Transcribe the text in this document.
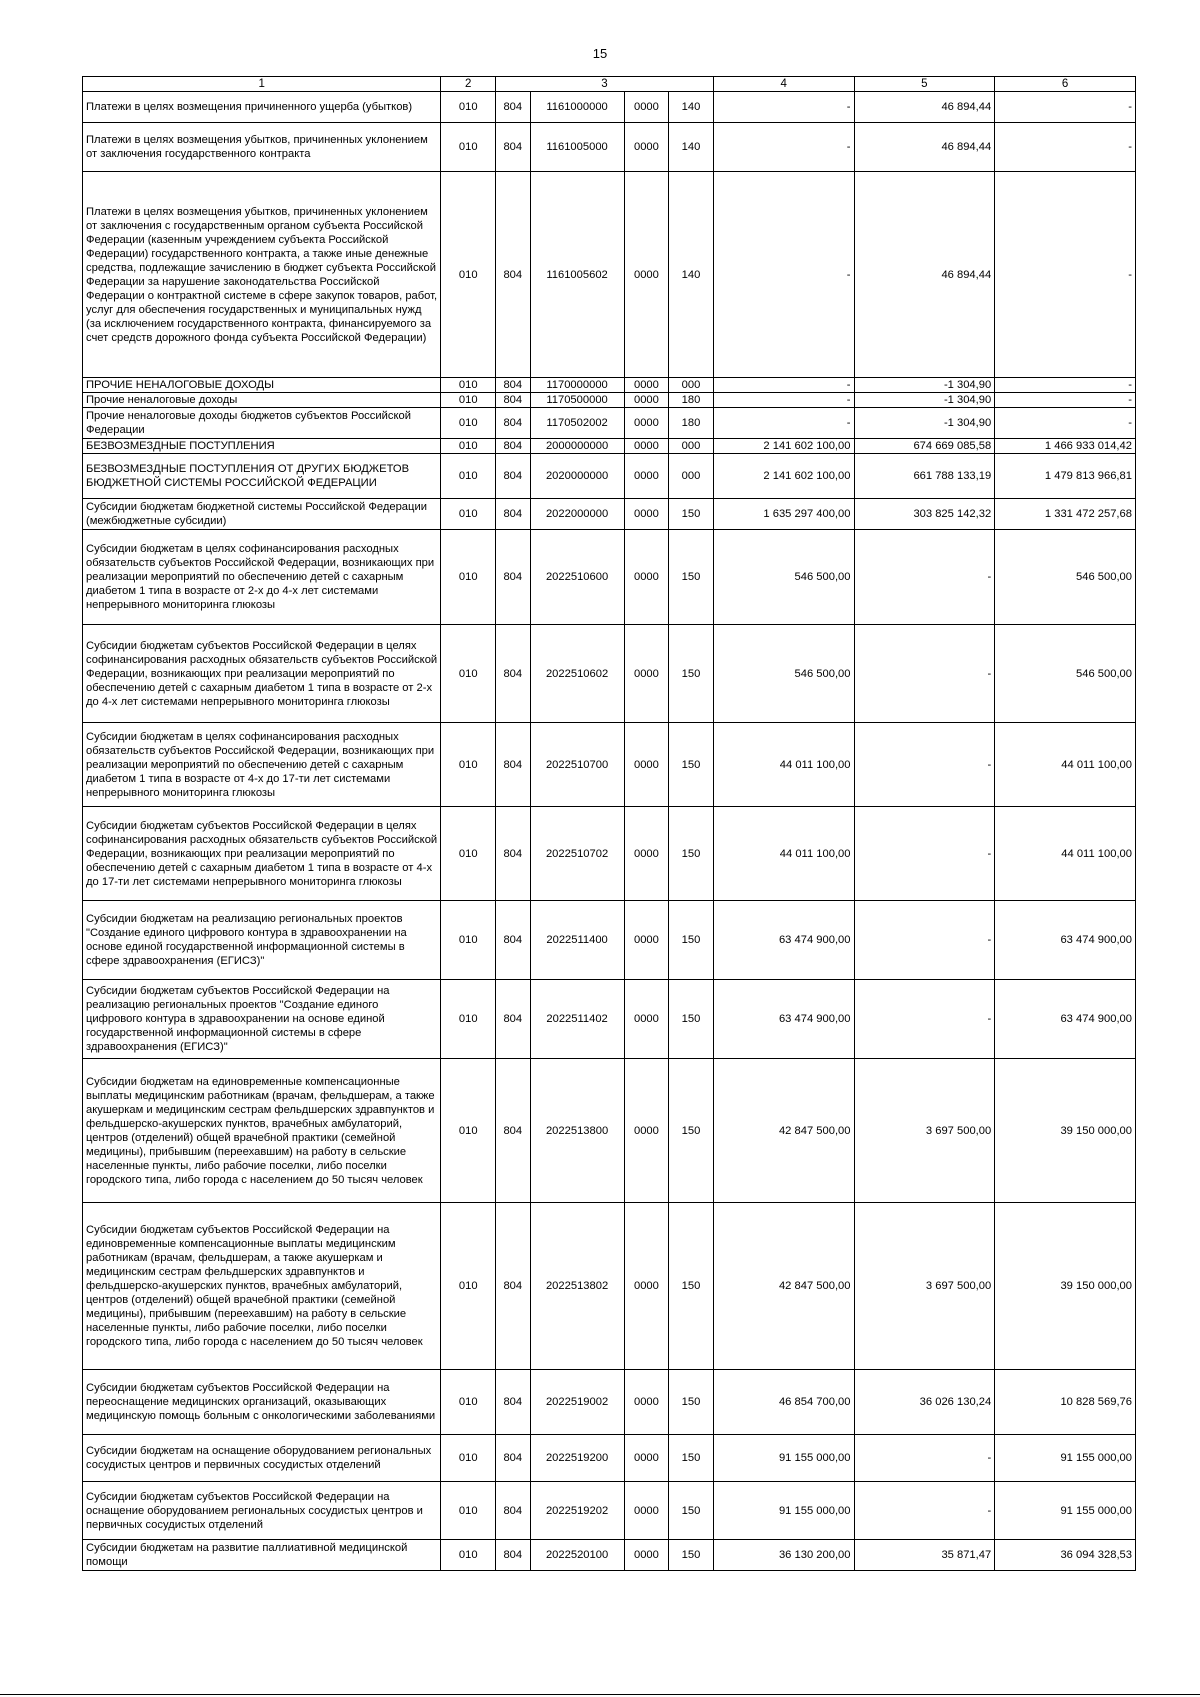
15
1	2	3				4	5	6
Платежи в целях возмещения причиненного ущерба (убытков)	010	804	1161000000	0000	140	-	46 894,44	-
Платежи в целях возмещения убытков, причиненных уклонением от заключения государственного контракта	010	804	1161005000	0000	140	-	46 894,44	-
Платежи в целях возмещения убытков, причиненных уклонением от заключения с государственным органом субъекта Российской Федерации (казенным учреждением субъекта Российской Федерации) государственного контракта, а также иные денежные средства, подлежащие зачислению в бюджет субъекта Российской Федерации за нарушение законодательства Российской Федерации о контрактной системе в сфере закупок товаров, работ, услуг для обеспечения государственных и муниципальных нужд (за исключением государственного контракта, финансируемого за счет средств дорожного фонда субъекта Российской Федерации)	010	804	1161005602	0000	140	-	46 894,44	-
ПРОЧИЕ НЕНАЛОГОВЫЕ ДОХОДЫ	010	804	1170000000	0000	000	-	-1 304,90	-
Прочие неналоговые доходы	010	804	1170500000	0000	180	-	-1 304,90	-
Прочие неналоговые доходы бюджетов субъектов Российской Федерации	010	804	1170502002	0000	180	-	-1 304,90	-
БЕЗВОЗМЕЗДНЫЕ ПОСТУПЛЕНИЯ	010	804	2000000000	0000	000	2 141 602 100,00	674 669 085,58	1 466 933 014,42
БЕЗВОЗМЕЗДНЫЕ ПОСТУПЛЕНИЯ ОТ ДРУГИХ БЮДЖЕТОВ БЮДЖЕТНОЙ СИСТЕМЫ РОССИЙСКОЙ ФЕДЕРАЦИИ	010	804	2020000000	0000	000	2 141 602 100,00	661 788 133,19	1 479 813 966,81
Субсидии бюджетам бюджетной системы Российской Федерации (межбюджетные субсидии)	010	804	2022000000	0000	150	1 635 297 400,00	303 825 142,32	1 331 472 257,68
Субсидии бюджетам в целях софинансирования расходных обязательств субъектов Российской Федерации, возникающих при реализации мероприятий по обеспечению детей с сахарным диабетом 1 типа в возрасте от 2-х до 4-х лет системами непрерывного мониторинга глюкозы	010	804	2022510600	0000	150	546 500,00	-	546 500,00
Субсидии бюджетам субъектов Российской Федерации в целях софинансирования расходных обязательств субъектов Российской Федерации, возникающих при реализации мероприятий по обеспечению детей с сахарным диабетом 1 типа в возрасте от 2-х до 4-х лет системами непрерывного мониторинга глюкозы	010	804	2022510602	0000	150	546 500,00	-	546 500,00
Субсидии бюджетам в целях софинансирования расходных обязательств субъектов Российской Федерации, возникающих при реализации мероприятий по обеспечению детей с сахарным диабетом 1 типа в возрасте от 4-х до 17-ти лет системами непрерывного мониторинга глюкозы	010	804	2022510700	0000	150	44 011 100,00	-	44 011 100,00
Субсидии бюджетам субъектов Российской Федерации в целях софинансирования расходных обязательств субъектов Российской Федерации, возникающих при реализации мероприятий по обеспечению детей с сахарным диабетом 1 типа в возрасте от 4-х до 17-ти лет системами непрерывного мониторинга глюкозы	010	804	2022510702	0000	150	44 011 100,00	-	44 011 100,00
Субсидии бюджетам на реализацию региональных проектов "Создание единого цифрового контура в здравоохранении на основе единой государственной информационной системы в сфере здравоохранения (ЕГИСЗ)"	010	804	2022511400	0000	150	63 474 900,00	-	63 474 900,00
Субсидии бюджетам субъектов Российской Федерации на реализацию региональных проектов "Создание единого цифрового контура в здравоохранении на основе единой государственной информационной системы в сфере здравоохранения (ЕГИСЗ)"	010	804	2022511402	0000	150	63 474 900,00	-	63 474 900,00
Субсидии бюджетам на единовременные компенсационные выплаты медицинским работникам (врачам, фельдшерам, а также акушеркам и медицинским сестрам фельдшерских здравпунктов и фельдшерско-акушерских пунктов, врачебных амбулаторий, центров (отделений) общей врачебной практики (семейной медицины), прибывшим (переехавшим) на работу в сельские населенные пункты, либо рабочие поселки, либо поселки городского типа, либо города с населением до 50 тысяч человек	010	804	2022513800	0000	150	42 847 500,00	3 697 500,00	39 150 000,00
Субсидии бюджетам субъектов Российской Федерации на единовременные компенсационные выплаты медицинским работникам (врачам, фельдшерам, а также акушеркам и медицинским сестрам фельдшерских здравпунктов и фельдшерско-акушерских пунктов, врачебных амбулаторий, центров (отделений) общей врачебной практики (семейной медицины), прибывшим (переехавшим) на работу в сельские населенные пункты, либо рабочие поселки, либо поселки городского типа, либо города с населением до 50 тысяч человек	010	804	2022513802	0000	150	42 847 500,00	3 697 500,00	39 150 000,00
Субсидии бюджетам субъектов Российской Федерации на переоснащение медицинских организаций, оказывающих медицинскую помощь больным с онкологическими заболеваниями	010	804	2022519002	0000	150	46 854 700,00	36 026 130,24	10 828 569,76
Субсидии бюджетам на оснащение оборудованием региональных сосудистых центров и первичных сосудистых отделений	010	804	2022519200	0000	150	91 155 000,00	-	91 155 000,00
Субсидии бюджетам субъектов Российской Федерации на оснащение оборудованием региональных сосудистых центров и первичных сосудистых отделений	010	804	2022519202	0000	150	91 155 000,00	-	91 155 000,00
Субсидии бюджетам на развитие паллиативной медицинской помощи	010	804	2022520100	0000	150	36 130 200,00	35 871,47	36 094 328,53
